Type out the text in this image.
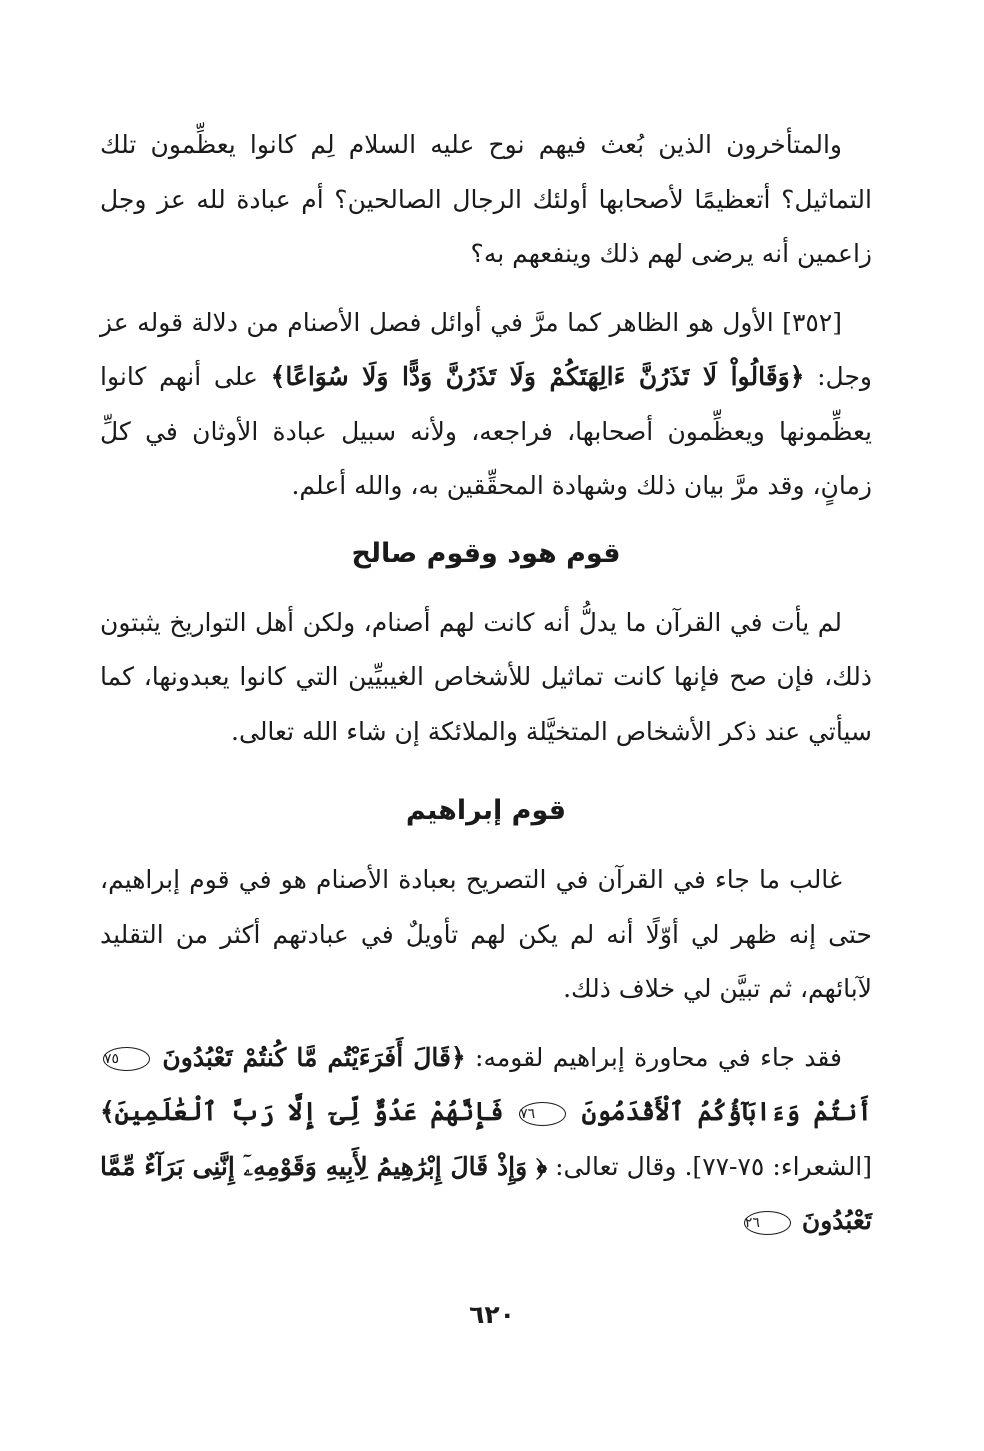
والمتأخرون الذين بُعث فيهم نوح عليه السلام لِم كانوا يعظِّمون تلك التماثيل؟ أتعظيمًا لأصحابها أولئك الرجال الصالحين؟ أم عبادة لله عز وجل زاعمين أنه يرضى لهم ذلك وينفعهم به؟

[٣٥٢] الأول هو الظاهر كما مرَّ في أوائل فصل الأصنام من دلالة قوله عز وجل: ﴿وَقَالُواْ لَا تَذَرُنَّ ءَالِهَتَكُمْ وَلَا تَذَرُنَّ وَدًّا وَلَا سُوَاعًا﴾ على أنهم كانوا يعظِّمونها ويعظِّمون أصحابها، فراجعه، ولأنه سبيل عبادة الأوثان في كلِّ زمانٍ، وقد مرَّ بيان ذلك وشهادة المحقِّقين به، والله أعلم.

قوم هود وقوم صالح

لم يأت في القرآن ما يدلُّ أنه كانت لهم أصنام، ولكن أهل التواريخ يثبتون ذلك، فإن صح فإنها كانت تماثيل للأشخاص الغيبيِّين التي كانوا يعبدونها، كما سيأتي عند ذكر الأشخاص المتخيَّلة والملائكة إن شاء الله تعالى.

قوم إبراهيم

غالب ما جاء في القرآن في التصريح بعبادة الأصنام هو في قوم إبراهيم، حتى إنه ظهر لي أوّلًا أنه لم يكن لهم تأويلٌ في عبادتهم أكثر من التقليد لآبائهم، ثم تبيَّن لي خلاف ذلك.

فقد جاء في محاورة إبراهيم لقومه: ﴿قَالَ أَفَرَءَيْتُم مَّا كُنتُمْ تَعْبُدُونَ ٧٥ أَنتُمْ وَءَابَآؤُكُمُ ٱلْأَقْدَمُونَ ٧٦ فَإِنَّهُمْ عَدُوٌّ لِّىٓ إِلَّا رَبَّ ٱلْعَٰلَمِينَ﴾ [الشعراء: ٧٥-٧٧]. وقال تعالى: ﴿ وَإِذْ قَالَ إِبْرَٰهِيمُ لِأَبِيهِ وَقَوْمِهِۦٓ إِنَّنِى بَرَآءٌ مِّمَّا تَعْبُدُونَ ٢٦

٦٢٠
